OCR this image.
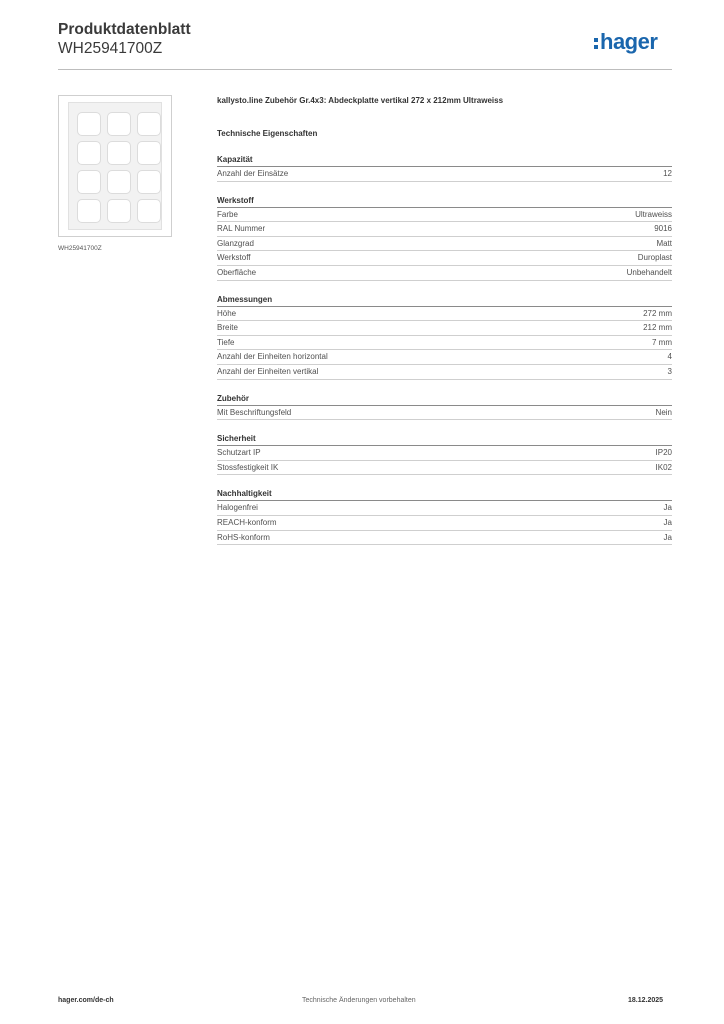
Produktdatenblatt
WH25941700Z	hager
WH25941700Z
kallysto.line Zubehör Gr.4x3: Abdeckplatte vertikal 272 x 212mm Ultraweiss
Technische Eigenschaften
Kapazität
Anzahl der Einsätze	12
Werkstoff
Farbe	Ultraweiss
RAL Nummer	9016
Glanzgrad	Matt
Werkstoff	Duroplast
Oberfläche	Unbehandelt
Abmessungen
Höhe	272 mm
Breite	212 mm
Tiefe	7 mm
Anzahl der Einheiten horizontal	4
Anzahl der Einheiten vertikal	3
Zubehör
Mit Beschriftungsfeld	Nein
Sicherheit
Schutzart IP	IP20
Stossfestigkeit IK	IK02
Nachhaltigkeit
Halogenfrei	Ja
REACH-konform	Ja
RoHS-konform	Ja
hager.com/de-ch	Technische Änderungen vorbehalten	18.12.2025
